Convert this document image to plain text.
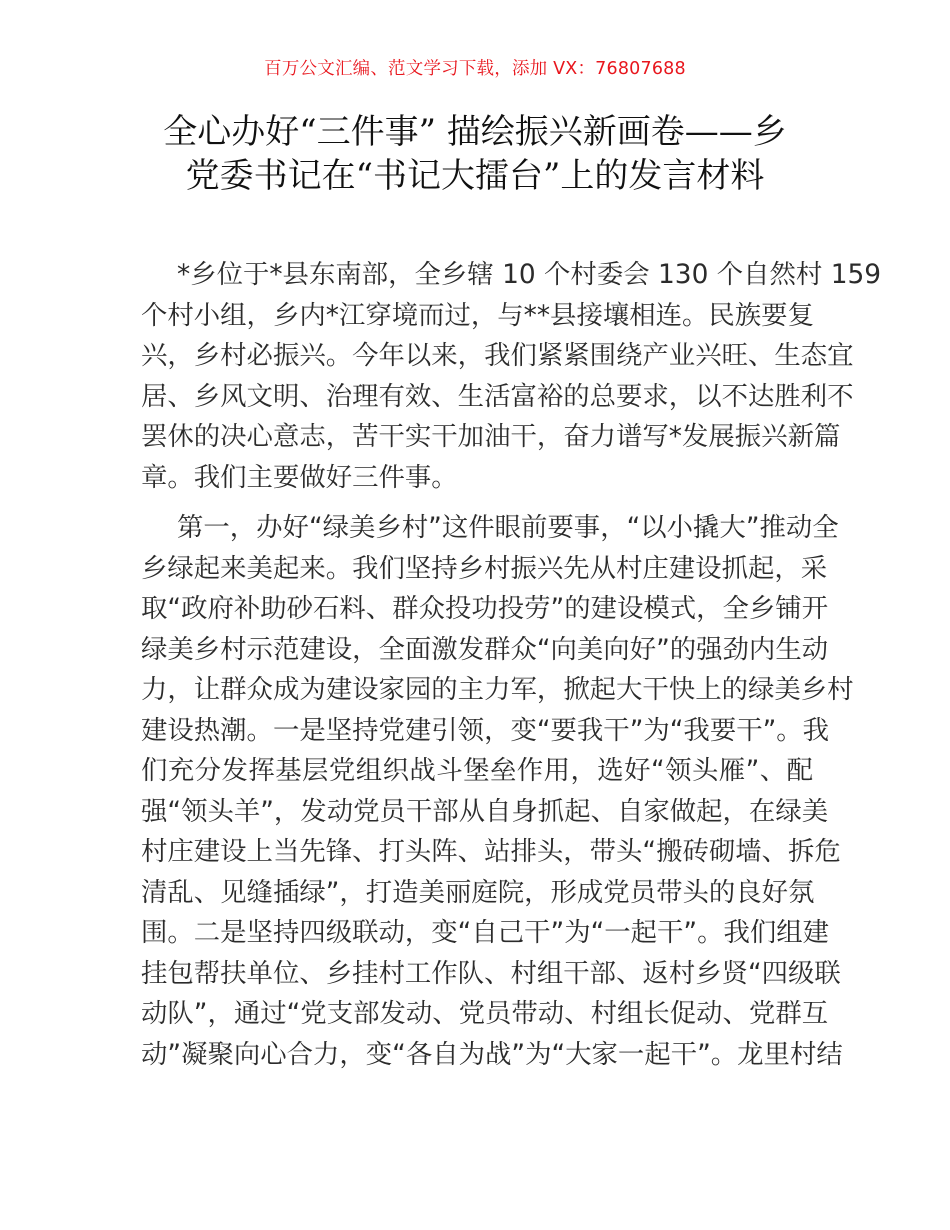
百万公文汇编、范文学习下载，添加 VX：76807688
全心办好“三件事” 描绘振兴新画卷——乡
党委书记在“书记大擂台”上的发言材料
*乡位于*县东南部，全乡辖 10 个村委会 130 个自然村 159
个村小组，乡内*江穿境而过，与**县接壤相连。民族要复
兴，乡村必振兴。今年以来，我们紧紧围绕产业兴旺、生态宜
居、乡风文明、治理有效、生活富裕的总要求，以不达胜利不
罢休的决心意志，苦干实干加油干，奋力谱写*发展振兴新篇
章。我们主要做好三件事。
第一，办好“绿美乡村”这件眼前要事，“以小撬大”推动全
乡绿起来美起来。我们坚持乡村振兴先从村庄建设抓起，采
取“政府补助砂石料、群众投功投劳”的建设模式，全乡铺开
绿美乡村示范建设，全面激发群众“向美向好”的强劲内生动
力，让群众成为建设家园的主力军，掀起大干快上的绿美乡村
建设热潮。一是坚持党建引领，变“要我干”为“我要干”。我
们充分发挥基层党组织战斗堡垒作用，选好“领头雁”、配
强“领头羊”，发动党员干部从自身抓起、自家做起，在绿美
村庄建设上当先锋、打头阵、站排头，带头“搬砖砌墙、拆危
清乱、见缝插绿”，打造美丽庭院，形成党员带头的良好氛
围。二是坚持四级联动，变“自己干”为“一起干”。我们组建
挂包帮扶单位、乡挂村工作队、村组干部、返村乡贤“四级联
动队”，通过“党支部发动、党员带动、村组长促动、党群互
动”凝聚向心合力，变“各自为战”为“大家一起干”。龙里村结
